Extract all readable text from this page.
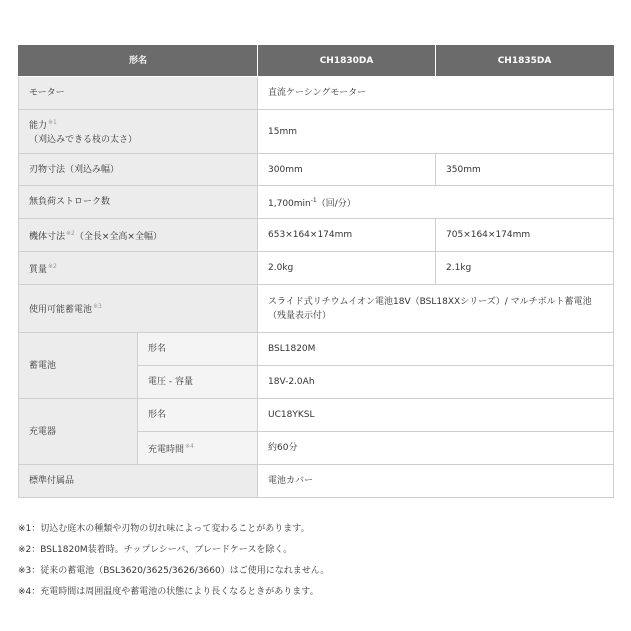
形名		CH1830DA	CH1835DA
モーター		直流ケーシングモーター	
能力$^{※1}$
（刈込みできる枝の太さ）		15mm	
刃物寸法（刈込み幅）		300mm	350mm
無負荷ストローク数		$1,700\min^{-1}$（回/分）	
機体寸法$^{※2}$（全長×全高×全幅）		653×164×174mm	705×164×174mm
質量$^{※2}$		2.0kg	2.1kg
使用可能蓄電池$^{※3}$		スライド式リチウムイオン電池18V（BSL18XXシリーズ）/ マルチボルト蓄電池
（残量表示付）	
蓄電池	形名	BSL1820M	
	電圧 - 容量	18V-2.0Ah	
充電器	形名	UC18YKSL	
	充電時間$^{※4}$	約60分	
標準付属品		電池カバー	
※1：切込む庭木の種類や刃物の切れ味によって変わることがあります。
※2：BSL1820M装着時。チップレシーバ、ブレードケースを除く。
※3：従来の蓄電池（BSL3620/3625/3626/3660）はご使用になれません。
※4：充電時間は周囲温度や蓄電池の状態により長くなるときがあります。
